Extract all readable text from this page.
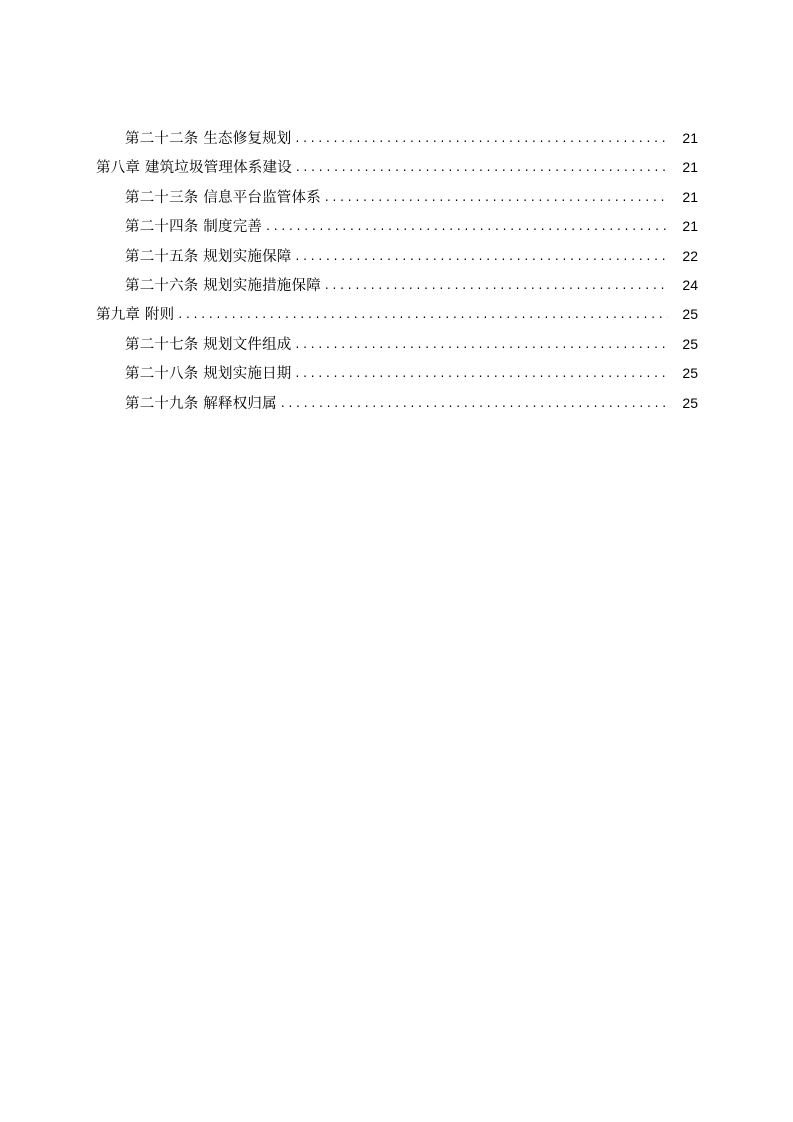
第二十二条 生态修复规划 . . .	21
第八章 建筑垃圾管理体系建设 . . .	21
第二十三条 信息平台监管体系 . . .	21
第二十四条 制度完善 . . .	21
第二十五条 规划实施保障 . . .	22
第二十六条 规划实施措施保障 . . .	24
第九章 附则 . . .	25
第二十七条 规划文件组成 . . .	25
第二十八条 规划实施日期 . . .	25
第二十九条 解释权归属 . . .	25
